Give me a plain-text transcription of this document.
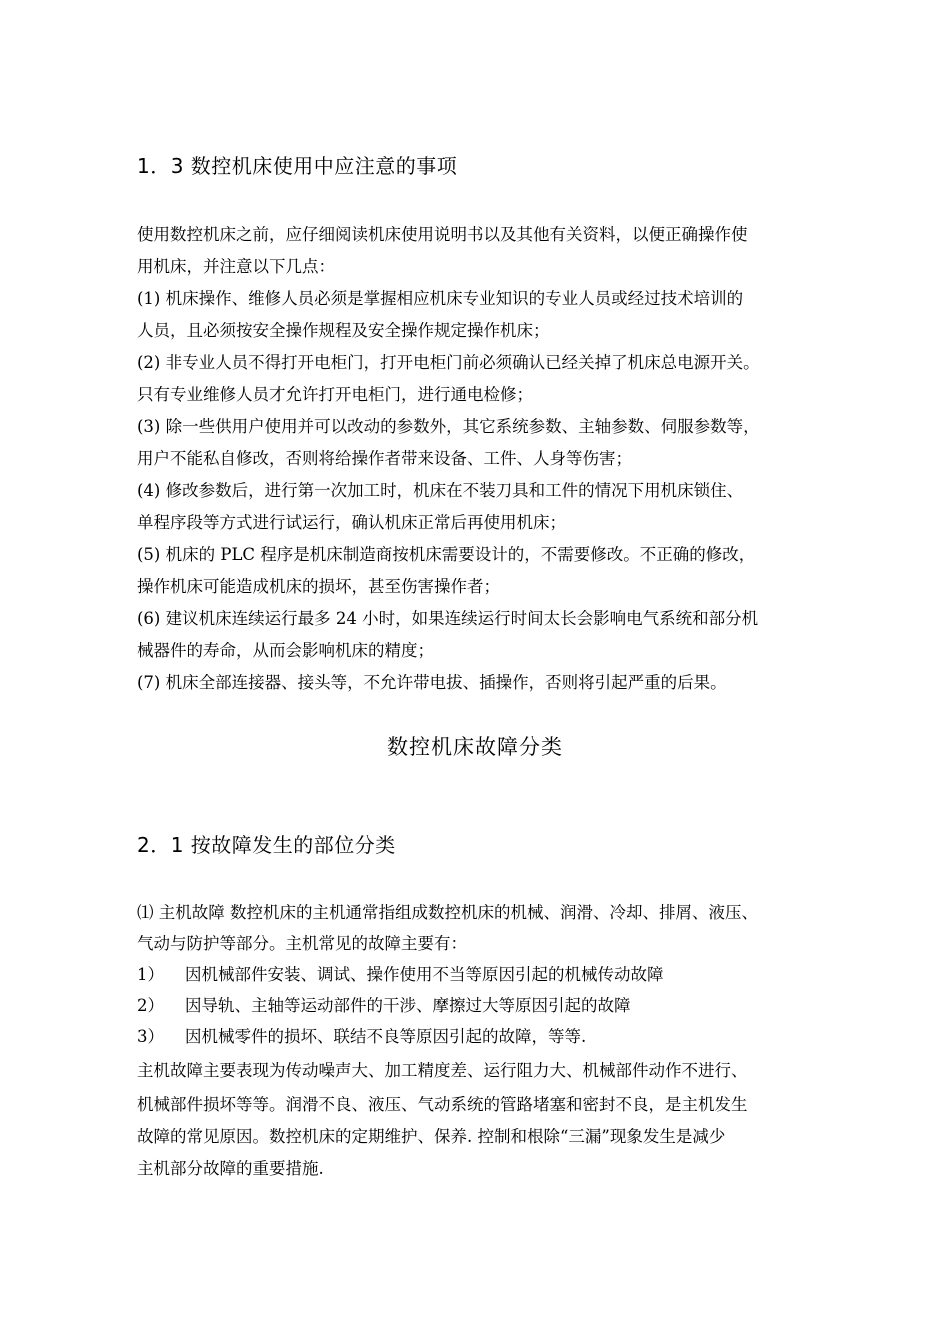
1．3 数控机床使用中应注意的事项
使用数控机床之前，应仔细阅读机床使用说明书以及其他有关资料，以便正确操作使
用机床，并注意以下几点：
(1) 机床操作、维修人员必须是掌握相应机床专业知识的专业人员或经过技术培训的
人员，且必须按安全操作规程及安全操作规定操作机床；
(2) 非专业人员不得打开电柜门，打开电柜门前必须确认已经关掉了机床总电源开关。
只有专业维修人员才允许打开电柜门，进行通电检修；
(3) 除一些供用户使用并可以改动的参数外，其它系统参数、主轴参数、伺服参数等，
用户不能私自修改，否则将给操作者带来设备、工件、人身等伤害；
(4) 修改参数后，进行第一次加工时，机床在不装刀具和工件的情况下用机床锁住、
单程序段等方式进行试运行，确认机床正常后再使用机床；
(5) 机床的 PLC 程序是机床制造商按机床需要设计的，不需要修改。不正确的修改，
操作机床可能造成机床的损坏，甚至伤害操作者；
(6) 建议机床连续运行最多 24 小时，如果连续运行时间太长会影响电气系统和部分机
械器件的寿命，从而会影响机床的精度；
(7) 机床全部连接器、接头等，不允许带电拔、插操作，否则将引起严重的后果。
数控机床故障分类
2．1 按故障发生的部位分类
⑴ 主机故障 数控机床的主机通常指组成数控机床的机械、润滑、冷却、排屑、液压、
气动与防护等部分。主机常见的故障主要有：
1） 因机械部件安装、调试、操作使用不当等原因引起的机械传动故障
2） 因导轨、主轴等运动部件的干涉、摩擦过大等原因引起的故障
3） 因机械零件的损坏、联结不良等原因引起的故障，等等.
主机故障主要表现为传动噪声大、加工精度差、运行阻力大、机械部件动作不进行、
机械部件损坏等等。润滑不良、液压、气动系统的管路堵塞和密封不良，是主机发生
故障的常见原因。数控机床的定期维护、保养. 控制和根除“三漏”现象发生是减少
主机部分故障的重要措施.
